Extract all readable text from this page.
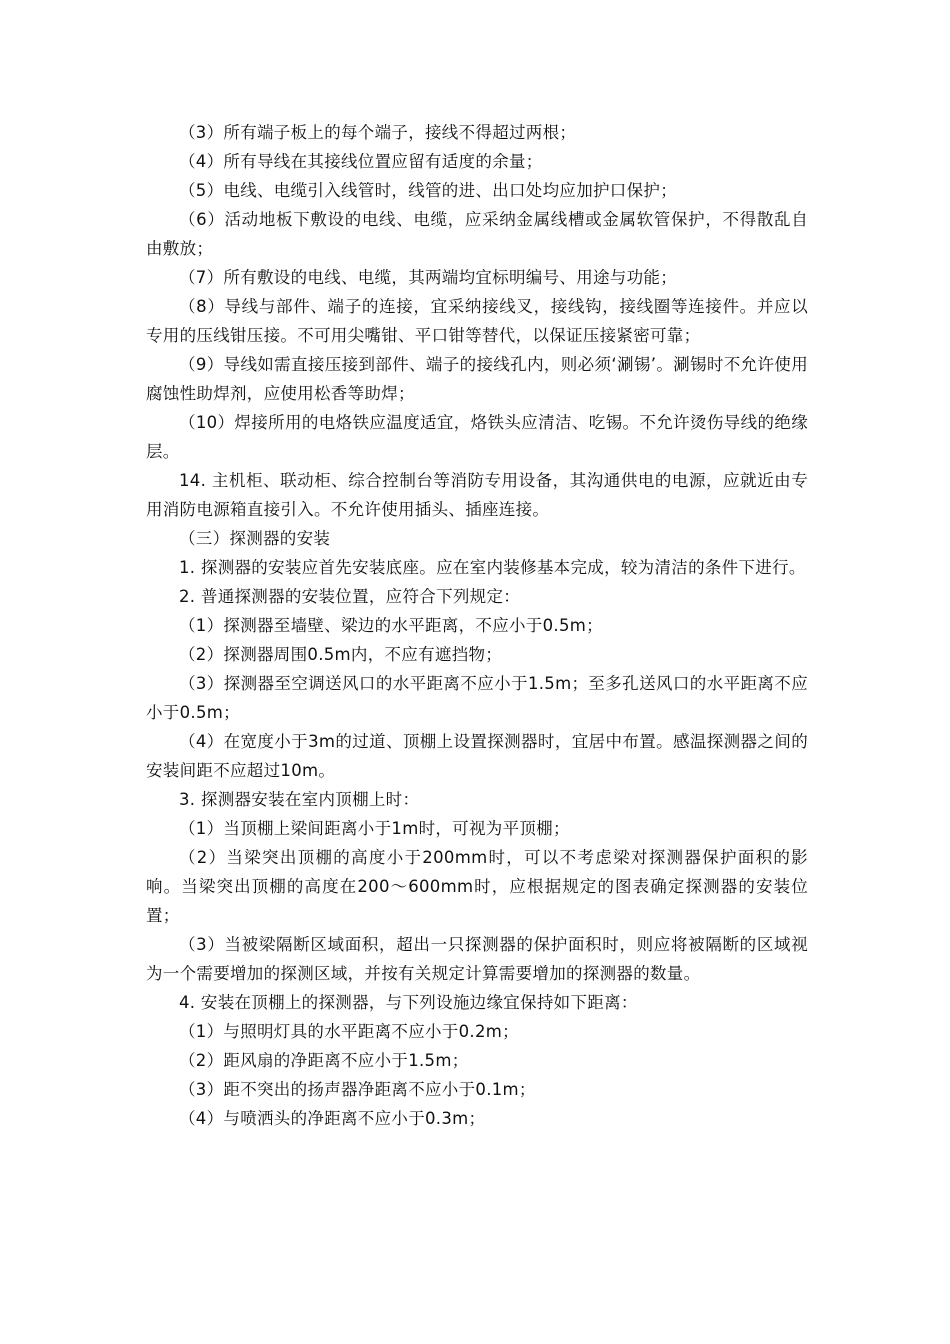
（3）所有端子板上的每个端子，接线不得超过两根；

（4）所有导线在其接线位置应留有适度的余量；

（5）电线、电缆引入线管时，线管的进、出口处均应加护口保护；

（6）活动地板下敷设的电线、电缆，应采纳金属线槽或金属软管保护，不得散乱自由敷放；

（7）所有敷设的电线、电缆，其两端均宜标明编号、用途与功能；

（8）导线与部件、端子的连接，宜采纳接线叉，接线钩，接线圈等连接件。并应以专用的压线钳压接。不可用尖嘴钳、平口钳等替代，以保证压接紧密可靠；

（9）导线如需直接压接到部件、端子的接线孔内，则必须‘涮锡’。涮锡时不允许使用腐蚀性助焊剂，应使用松香等助焊；

（10）焊接所用的电烙铁应温度适宜，烙铁头应清洁、吃锡。不允许烫伤导线的绝缘层。

14. 主机柜、联动柜、综合控制台等消防专用设备，其沟通供电的电源，应就近由专用消防电源箱直接引入。不允许使用插头、插座连接。

（三）探测器的安装

1. 探测器的安装应首先安装底座。应在室内装修基本完成，较为清洁的条件下进行。

2. 普通探测器的安装位置，应符合下列规定：

（1）探测器至墙壁、梁边的水平距离，不应小于0.5m；

（2）探测器周围0.5m内，不应有遮挡物；

（3）探测器至空调送风口的水平距离不应小于1.5m；至多孔送风口的水平距离不应小于0.5m；

（4）在宽度小于3m的过道、顶棚上设置探测器时，宜居中布置。感温探测器之间的安装间距不应超过10m。

3. 探测器安装在室内顶棚上时：

（1）当顶棚上梁间距离小于1m时，可视为平顶棚；

（2）当梁突出顶棚的高度小于200mm时，可以不考虑梁对探测器保护面积的影响。当梁突出顶棚的高度在200～600mm时，应根据规定的图表确定探测器的安装位置；

（3）当被梁隔断区域面积，超出一只探测器的保护面积时，则应将被隔断的区域视为一个需要增加的探测区域，并按有关规定计算需要增加的探测器的数量。

4. 安装在顶棚上的探测器，与下列设施边缘宜保持如下距离：

（1）与照明灯具的水平距离不应小于0.2m；

（2）距风扇的净距离不应小于1.5m；

（3）距不突出的扬声器净距离不应小于0.1m；

（4）与喷洒头的净距离不应小于0.3m；
